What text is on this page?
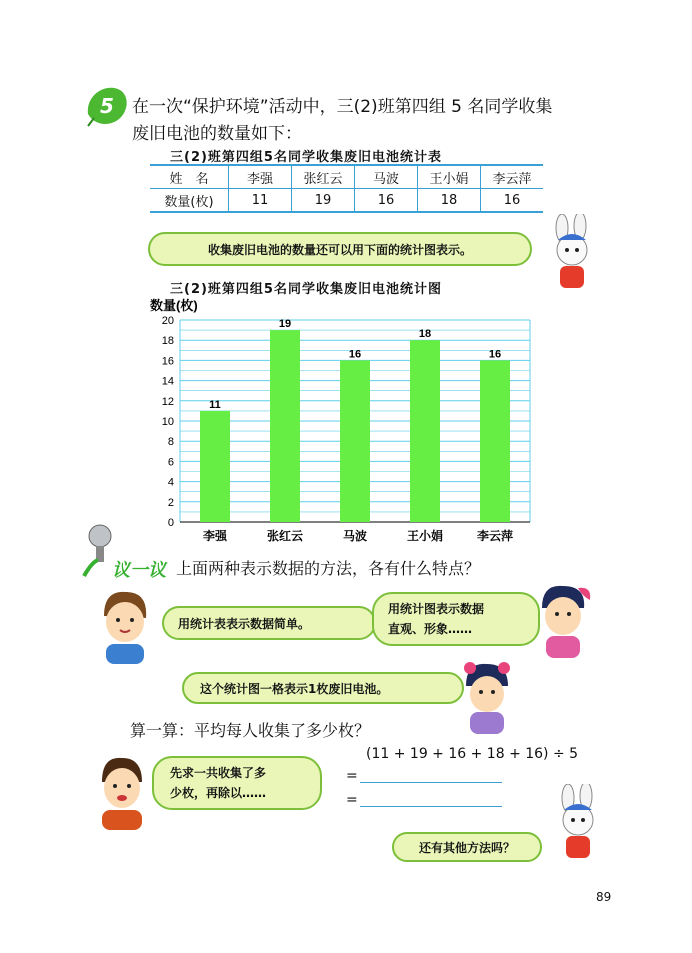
5	在一次“保护环境”活动中，三(2)班第四组 5 名同学收集
废旧电池的数量如下：
三(2)班第四组5名同学收集废旧电池统计表
姓　名	李强	张红云	马波	王小娟	李云萍
数量(枚)	11	19	16	18	16
收集废旧电池的数量还可以用下面的统计图表示。
三(2)班第四组5名同学收集废旧电池统计图
数量(枚)
0
2
4
6
8
10
12
14
16
18
20
11
李强
19
张红云
16
马波
18
王小娟
16
李云萍
议一议 上面两种表示数据的方法，各有什么特点？
用统计表表示数据简单。
用统计图表示数据
直观、形象……
这个统计图一格表示1枚废旧电池。
算一算：平均每人收集了多少枚？
(11 + 19 + 16 + 18 + 16) ÷ 5
=
=
先求一共收集了多
少枚，再除以……
还有其他方法吗？
89
